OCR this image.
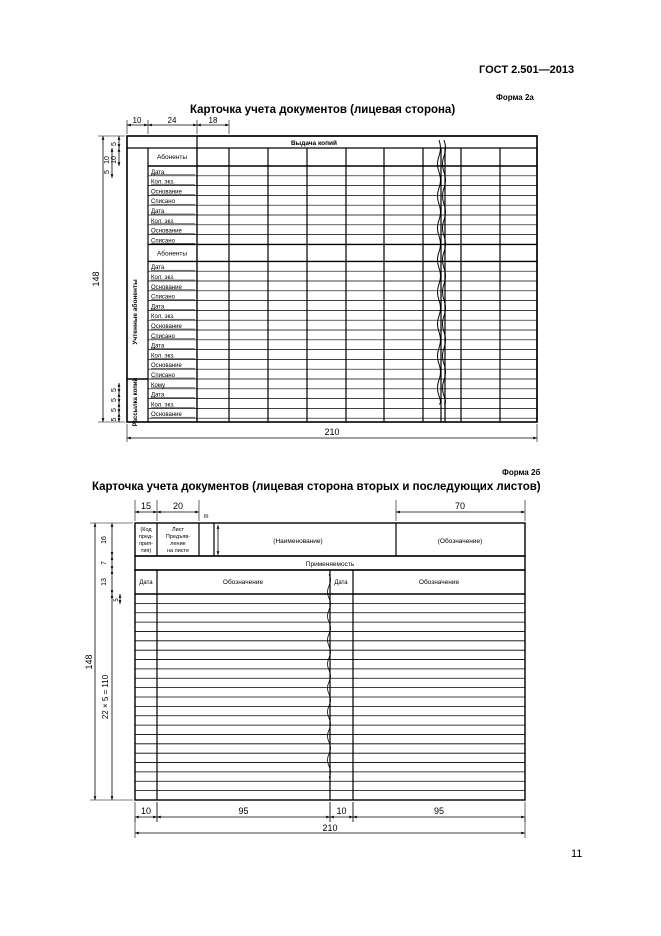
ГОСТ 2.501—2013
Форма 2а
Карточка учета документов (лицевая сторона)
Форма 2б
Карточка учета документов (лицевая сторона вторых и последующих листов)
11
Выдача копий
Абоненты
Абоненты
Дата
Кол. экз.
Основание
Списано
Дата
Кол. экз.
Основание
Списано
Дата
Кол. экз.
Основание
Списано
Дата
Кол. экз.
Основание
Списано
Дата
Кол. экз.
Основание
Списано
Кому
Дата
Кол. экз.
Основание
Учтенные абоненты
Рассылка копий
10	24	18
148
5
10
5
10
5
5
5
5
210
(Код
пред-
прия-
тия)
Лист
Предъяв-
ление
на листе
m
(Наименование)	(Обозначение)
Применяемость
Дата	Обозначение	Дата	Обозначение
15 20	70
148
22 × 5 = 110
16
7
13
5
10	95	10	95
210
